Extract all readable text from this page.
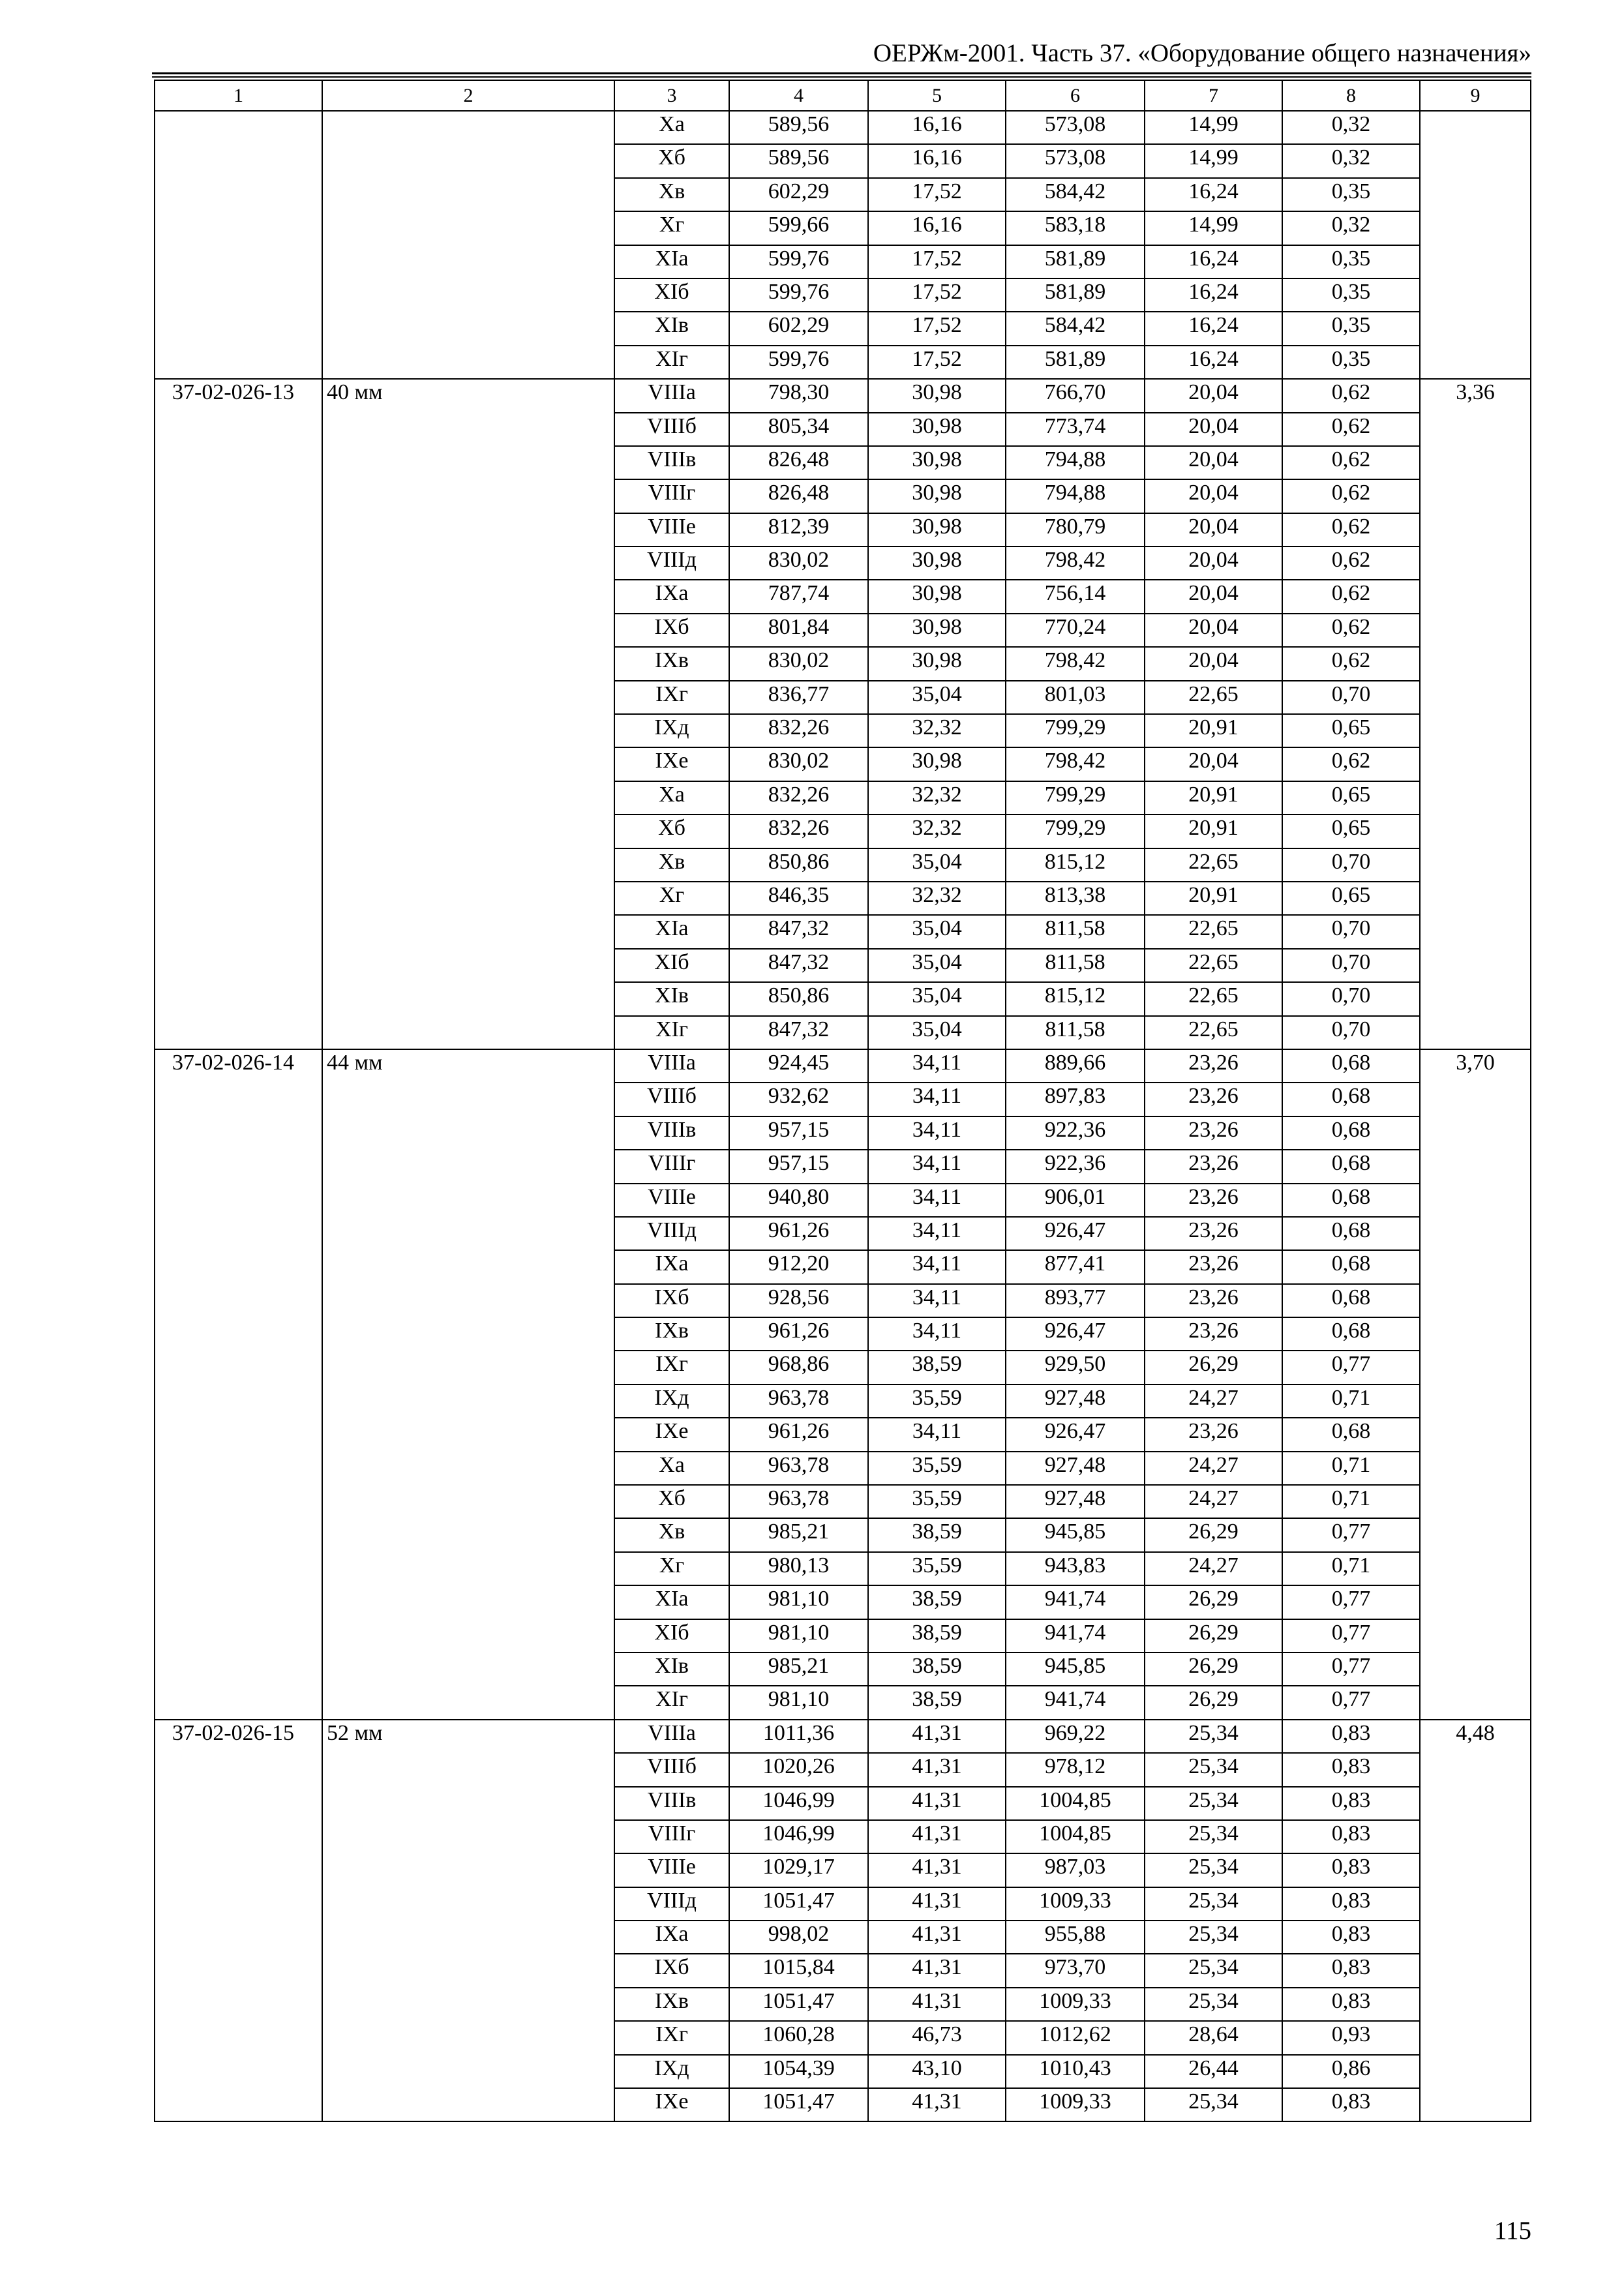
ОЕРЖм-2001. Часть 37. «Оборудование общего назначения»
1	2	3	4	5	6	7	8	9
		Xa	589,56	16,16	573,08	14,99	0,32	
		Xб	589,56	16,16	573,08	14,99	0,32	
		Xв	602,29	17,52	584,42	16,24	0,35	
		Xг	599,66	16,16	583,18	14,99	0,32	
		XIa	599,76	17,52	581,89	16,24	0,35	
		XIб	599,76	17,52	581,89	16,24	0,35	
		XIв	602,29	17,52	584,42	16,24	0,35	
		XIг	599,76	17,52	581,89	16,24	0,35	
37-02-026-13	40 мм	VIIIa	798,30	30,98	766,70	20,04	0,62	3,36
		VIIIб	805,34	30,98	773,74	20,04	0,62	
		VIIIв	826,48	30,98	794,88	20,04	0,62	
		VIIIг	826,48	30,98	794,88	20,04	0,62	
		VIIIе	812,39	30,98	780,79	20,04	0,62	
		VIIIд	830,02	30,98	798,42	20,04	0,62	
		IXa	787,74	30,98	756,14	20,04	0,62	
		IXб	801,84	30,98	770,24	20,04	0,62	
		IXв	830,02	30,98	798,42	20,04	0,62	
		IXг	836,77	35,04	801,03	22,65	0,70	
		IXд	832,26	32,32	799,29	20,91	0,65	
		IXе	830,02	30,98	798,42	20,04	0,62	
		Xa	832,26	32,32	799,29	20,91	0,65	
		Xб	832,26	32,32	799,29	20,91	0,65	
		Xв	850,86	35,04	815,12	22,65	0,70	
		Xг	846,35	32,32	813,38	20,91	0,65	
		XIa	847,32	35,04	811,58	22,65	0,70	
		XIб	847,32	35,04	811,58	22,65	0,70	
		XIв	850,86	35,04	815,12	22,65	0,70	
		XIг	847,32	35,04	811,58	22,65	0,70	
37-02-026-14	44 мм	VIIIa	924,45	34,11	889,66	23,26	0,68	3,70
		VIIIб	932,62	34,11	897,83	23,26	0,68	
		VIIIв	957,15	34,11	922,36	23,26	0,68	
		VIIIг	957,15	34,11	922,36	23,26	0,68	
		VIIIе	940,80	34,11	906,01	23,26	0,68	
		VIIIд	961,26	34,11	926,47	23,26	0,68	
		IXa	912,20	34,11	877,41	23,26	0,68	
		IXб	928,56	34,11	893,77	23,26	0,68	
		IXв	961,26	34,11	926,47	23,26	0,68	
		IXг	968,86	38,59	929,50	26,29	0,77	
		IXд	963,78	35,59	927,48	24,27	0,71	
		IXе	961,26	34,11	926,47	23,26	0,68	
		Xa	963,78	35,59	927,48	24,27	0,71	
		Xб	963,78	35,59	927,48	24,27	0,71	
		Xв	985,21	38,59	945,85	26,29	0,77	
		Xг	980,13	35,59	943,83	24,27	0,71	
		XIa	981,10	38,59	941,74	26,29	0,77	
		XIб	981,10	38,59	941,74	26,29	0,77	
		XIв	985,21	38,59	945,85	26,29	0,77	
		XIг	981,10	38,59	941,74	26,29	0,77	
37-02-026-15	52 мм	VIIIa	1011,36	41,31	969,22	25,34	0,83	4,48
		VIIIб	1020,26	41,31	978,12	25,34	0,83	
		VIIIв	1046,99	41,31	1004,85	25,34	0,83	
		VIIIг	1046,99	41,31	1004,85	25,34	0,83	
		VIIIе	1029,17	41,31	987,03	25,34	0,83	
		VIIIд	1051,47	41,31	1009,33	25,34	0,83	
		IXa	998,02	41,31	955,88	25,34	0,83	
		IXб	1015,84	41,31	973,70	25,34	0,83	
		IXв	1051,47	41,31	1009,33	25,34	0,83	
		IXг	1060,28	46,73	1012,62	28,64	0,93	
		IXд	1054,39	43,10	1010,43	26,44	0,86	
		IXе	1051,47	41,31	1009,33	25,34	0,83	
115
